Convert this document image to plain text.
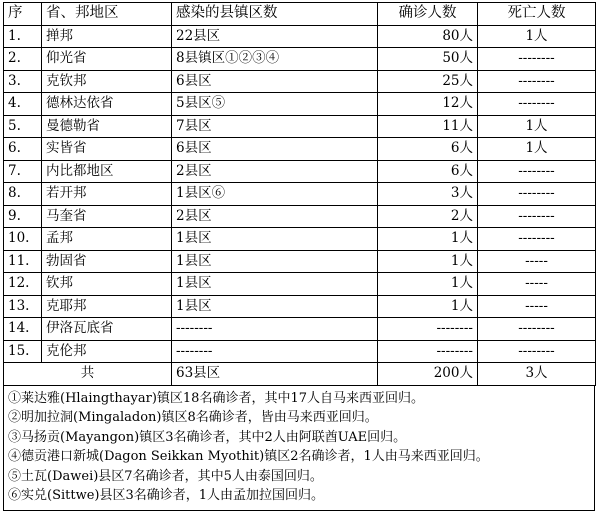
序	省、邦地区	感染的县镇区数	确诊人数	死亡人数
1.	掸邦	22县区	80人	1人
2.	仰光省	8县镇区①②③④	50人	--------
3.	克钦邦	6县区	25人	--------
4.	德林达依省	5县区⑤	12人	--------
5.	曼德勒省	7县区	11人	1人
6.	实皆省	6县区	6人	1人
7.	内比都地区	2县区	6人	--------
8.	若开邦	1县区⑥	3人	--------
9.	马奎省	2县区	2人	--------
10.	孟邦	1县区	1人	--------
11.	勃固省	1县区	1人	-----
12.	钦邦	1县区	1人	-----
13.	克耶邦	1县区	1人	-----
14.	伊洛瓦底省	--------	--------	--------
15.	克伦邦	--------	--------	--------
共		63县区	200人	3人
①莱达雅(Hlaingthayar)镇区18名确诊者，其中17人自马来西亚回归。
②明加拉洞(Mingaladon)镇区8名确诊者，皆由马来西亚回归。
③马扬贡(Mayangon)镇区3名确诊者，其中2人由阿联酋UAE回归。
④德贡港口新城(Dagon Seikkan Myothit)镇区2名确诊者，1人由马来西亚回归。
⑤土瓦(Dawei)县区7名确诊者，其中5人由泰国回归。
⑥实兑(Sittwe)县区3名确诊者，1人由孟加拉国回归。
